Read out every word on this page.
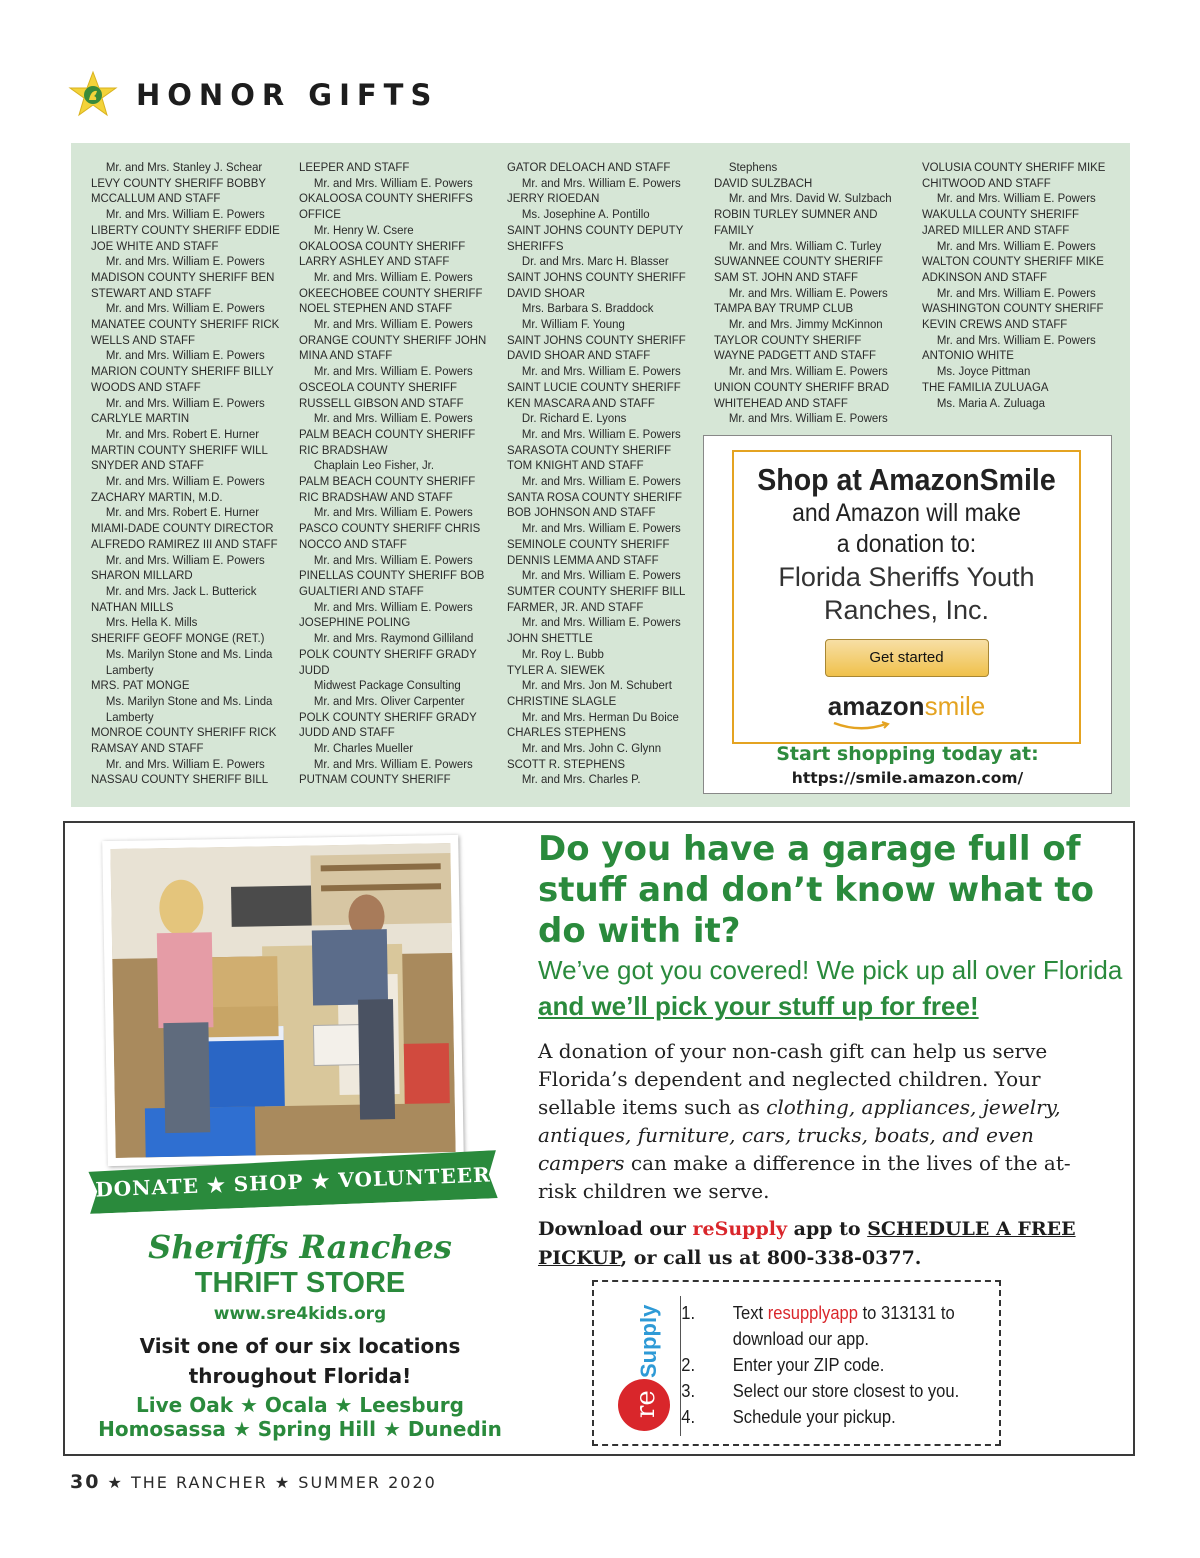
HONOR GIFTS
Mr. and Mrs. Stanley J. Schear
LEVY COUNTY SHERIFF BOBBY
MCCALLUM AND STAFF
Mr. and Mrs. William E. Powers
LIBERTY COUNTY SHERIFF EDDIE
JOE WHITE AND STAFF
Mr. and Mrs. William E. Powers
MADISON COUNTY SHERIFF BEN
STEWART AND STAFF
Mr. and Mrs. William E. Powers
MANATEE COUNTY SHERIFF RICK
WELLS AND STAFF
Mr. and Mrs. William E. Powers
MARION COUNTY SHERIFF BILLY
WOODS AND STAFF
Mr. and Mrs. William E. Powers
CARLYLE MARTIN
Mr. and Mrs. Robert E. Hurner
MARTIN COUNTY SHERIFF WILL
SNYDER AND STAFF
Mr. and Mrs. William E. Powers
ZACHARY MARTIN, M.D.
Mr. and Mrs. Robert E. Hurner
MIAMI-DADE COUNTY DIRECTOR
ALFREDO RAMIREZ III AND STAFF
Mr. and Mrs. William E. Powers
SHARON MILLARD
Mr. and Mrs. Jack L. Butterick
NATHAN MILLS
Mrs. Hella K. Mills
SHERIFF GEOFF MONGE (RET.)
Ms. Marilyn Stone and Ms. Linda
Lamberty
MRS. PAT MONGE
Ms. Marilyn Stone and Ms. Linda
Lamberty
MONROE COUNTY SHERIFF RICK
RAMSAY AND STAFF
Mr. and Mrs. William E. Powers
NASSAU COUNTY SHERIFF BILL
LEEPER AND STAFF
Mr. and Mrs. William E. Powers
OKALOOSA COUNTY SHERIFFS
OFFICE
Mr. Henry W. Csere
OKALOOSA COUNTY SHERIFF
LARRY ASHLEY AND STAFF
Mr. and Mrs. William E. Powers
OKEECHOBEE COUNTY SHERIFF
NOEL STEPHEN AND STAFF
Mr. and Mrs. William E. Powers
ORANGE COUNTY SHERIFF JOHN
MINA AND STAFF
Mr. and Mrs. William E. Powers
OSCEOLA COUNTY SHERIFF
RUSSELL GIBSON AND STAFF
Mr. and Mrs. William E. Powers
PALM BEACH COUNTY SHERIFF
RIC BRADSHAW
Chaplain Leo Fisher, Jr.
PALM BEACH COUNTY SHERIFF
RIC BRADSHAW AND STAFF
Mr. and Mrs. William E. Powers
PASCO COUNTY SHERIFF CHRIS
NOCCO AND STAFF
Mr. and Mrs. William E. Powers
PINELLAS COUNTY SHERIFF BOB
GUALTIERI AND STAFF
Mr. and Mrs. William E. Powers
JOSEPHINE POLING
Mr. and Mrs. Raymond Gilliland
POLK COUNTY SHERIFF GRADY
JUDD
Midwest Package Consulting
Mr. and Mrs. Oliver Carpenter
POLK COUNTY SHERIFF GRADY
JUDD AND STAFF
Mr. Charles Mueller
Mr. and Mrs. William E. Powers
PUTNAM COUNTY SHERIFF
GATOR DELOACH AND STAFF
Mr. and Mrs. William E. Powers
JERRY RIOEDAN
Ms. Josephine A. Pontillo
SAINT JOHNS COUNTY DEPUTY
SHERIFFS
Dr. and Mrs. Marc H. Blasser
SAINT JOHNS COUNTY SHERIFF
DAVID SHOAR
Mrs. Barbara S. Braddock
Mr. William F. Young
SAINT JOHNS COUNTY SHERIFF
DAVID SHOAR AND STAFF
Mr. and Mrs. William E. Powers
SAINT LUCIE COUNTY SHERIFF
KEN MASCARA AND STAFF
Dr. Richard E. Lyons
Mr. and Mrs. William E. Powers
SARASOTA COUNTY SHERIFF
TOM KNIGHT AND STAFF
Mr. and Mrs. William E. Powers
SANTA ROSA COUNTY SHERIFF
BOB JOHNSON AND STAFF
Mr. and Mrs. William E. Powers
SEMINOLE COUNTY SHERIFF
DENNIS LEMMA AND STAFF
Mr. and Mrs. William E. Powers
SUMTER COUNTY SHERIFF BILL
FARMER, JR. AND STAFF
Mr. and Mrs. William E. Powers
JOHN SHETTLE
Mr. Roy L. Bubb
TYLER A. SIEWEK
Mr. and Mrs. Jon M. Schubert
CHRISTINE SLAGLE
Mr. and Mrs. Herman Du Boice
CHARLES STEPHENS
Mr. and Mrs. John C. Glynn
SCOTT R. STEPHENS
Mr. and Mrs. Charles P.
Stephens
DAVID SULZBACH
Mr. and Mrs. David W. Sulzbach
ROBIN TURLEY SUMNER AND
FAMILY
Mr. and Mrs. William C. Turley
SUWANNEE COUNTY SHERIFF
SAM ST. JOHN AND STAFF
Mr. and Mrs. William E. Powers
TAMPA BAY TRUMP CLUB
Mr. and Mrs. Jimmy McKinnon
TAYLOR COUNTY SHERIFF
WAYNE PADGETT AND STAFF
Mr. and Mrs. William E. Powers
UNION COUNTY SHERIFF BRAD
WHITEHEAD AND STAFF
Mr. and Mrs. William E. Powers
VOLUSIA COUNTY SHERIFF MIKE
CHITWOOD AND STAFF
Mr. and Mrs. William E. Powers
WAKULLA COUNTY SHERIFF
JARED MILLER AND STAFF
Mr. and Mrs. William E. Powers
WALTON COUNTY SHERIFF MIKE
ADKINSON AND STAFF
Mr. and Mrs. William E. Powers
WASHINGTON COUNTY SHERIFF
KEVIN CREWS AND STAFF
Mr. and Mrs. William E. Powers
ANTONIO WHITE
Ms. Joyce Pittman
THE FAMILIA ZULUAGA
Ms. Maria A. Zuluaga
Shop at AmazonSmile
and Amazon will make
a donation to:
Florida Sheriffs Youth
Ranches, Inc.
Get started
amazonsmile
Start shopping today at:
https://smile.amazon.com/
DONATE ★ SHOP ★ VOLUNTEER
Sheriffs Ranches
THRIFT STORE
www.sre4kids.org
Visit one of our six locations
throughout Florida!
Live Oak ★ Ocala ★ Leesburg
Homosassa ★ Spring Hill ★ Dunedin
Do you have a garage full of stuff and don’t know what to do with it?
We’ve got you covered! We pick up all over Florida and we’ll pick your stuff up for free!
A donation of your non-cash gift can help us serve Florida’s dependent and neglected children. Your sellable items such as clothing, appliances, jewelry, antiques, furniture, cars, trucks, boats, and even campers can make a difference in the lives of the at-risk children we serve.
Download our reSupply app to SCHEDULE A FREE PICKUP, or call us at 800-338-0377.
re
Supply 1. Text resupplyapp to 313131 to download our app.
2. Enter your ZIP code.
3. Select our store closest to you.
4. Schedule your pickup.
30 ★ THE RANCHER ★ SUMMER 2020
